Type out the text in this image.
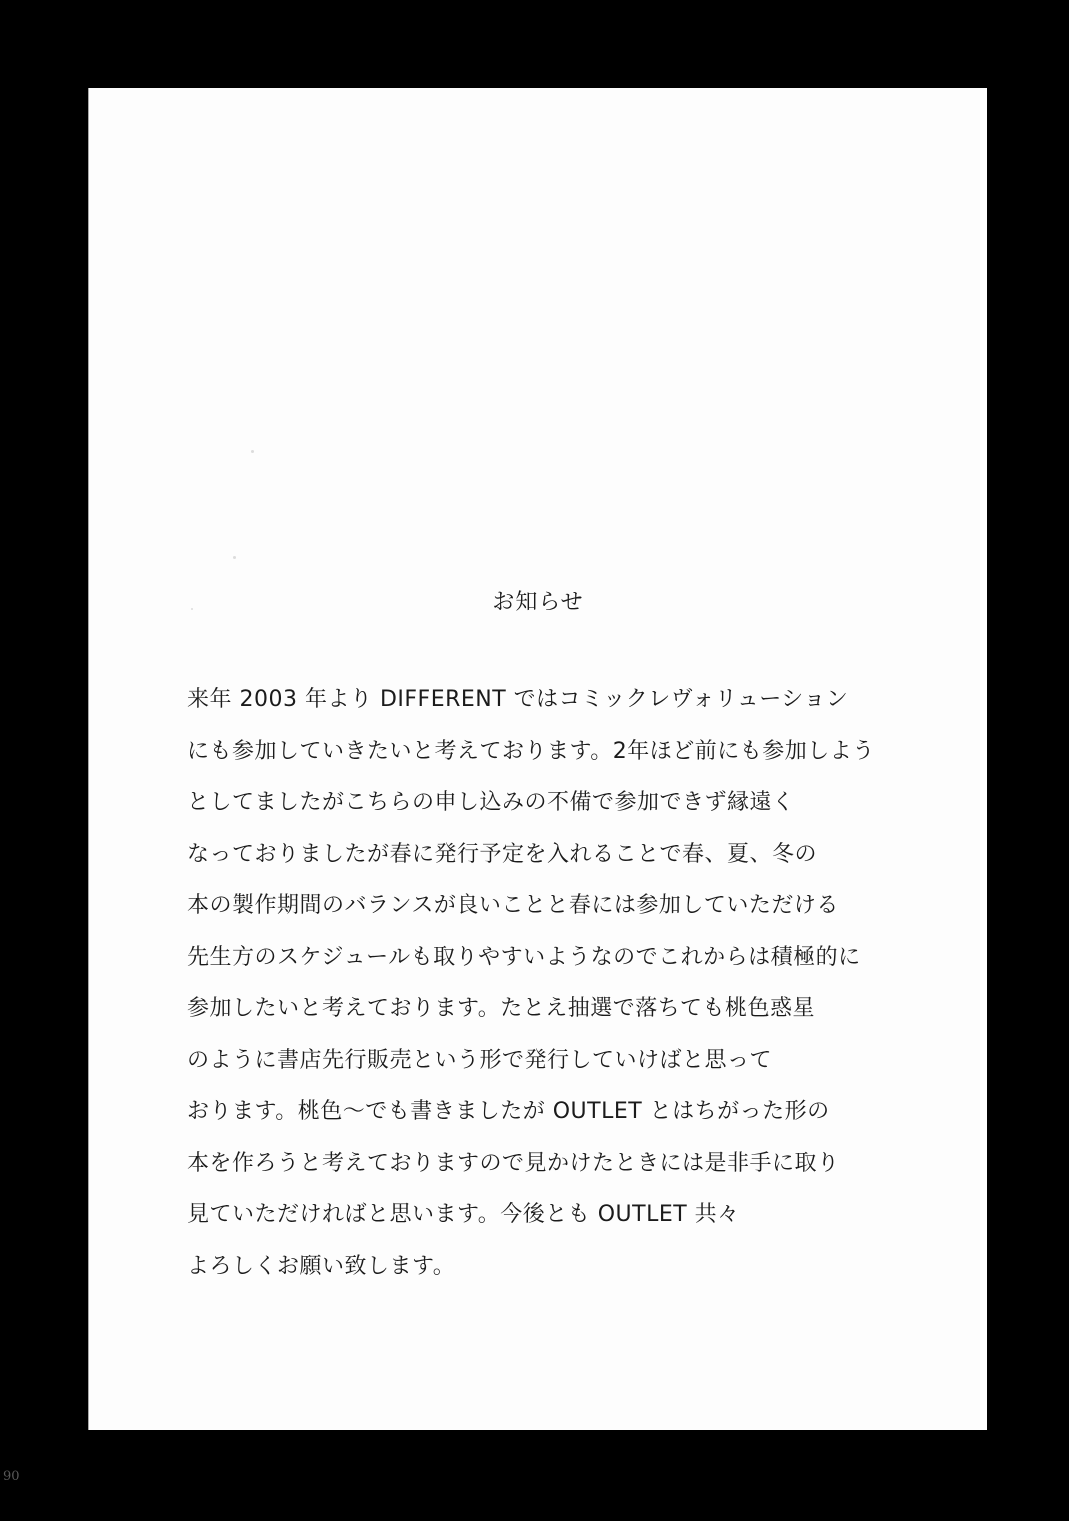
お知らせ

来年 2003 年より DIFFERENT ではコミックレヴォリューション

にも参加していきたいと考えております。2年ほど前にも参加しよう

としてましたがこちらの申し込みの不備で参加できず縁遠く

なっておりましたが春に発行予定を入れることで春、夏、冬の

本の製作期間のバランスが良いことと春には参加していただける

先生方のスケジュールも取りやすいようなのでこれからは積極的に

参加したいと考えております。たとえ抽選で落ちても桃色惑星

のように書店先行販売という形で発行していけばと思って

おります。桃色〜でも書きましたが OUTLET とはちがった形の

本を作ろうと考えておりますので見かけたときには是非手に取り

見ていただければと思います。今後とも OUTLET 共々

よろしくお願い致します。

90
